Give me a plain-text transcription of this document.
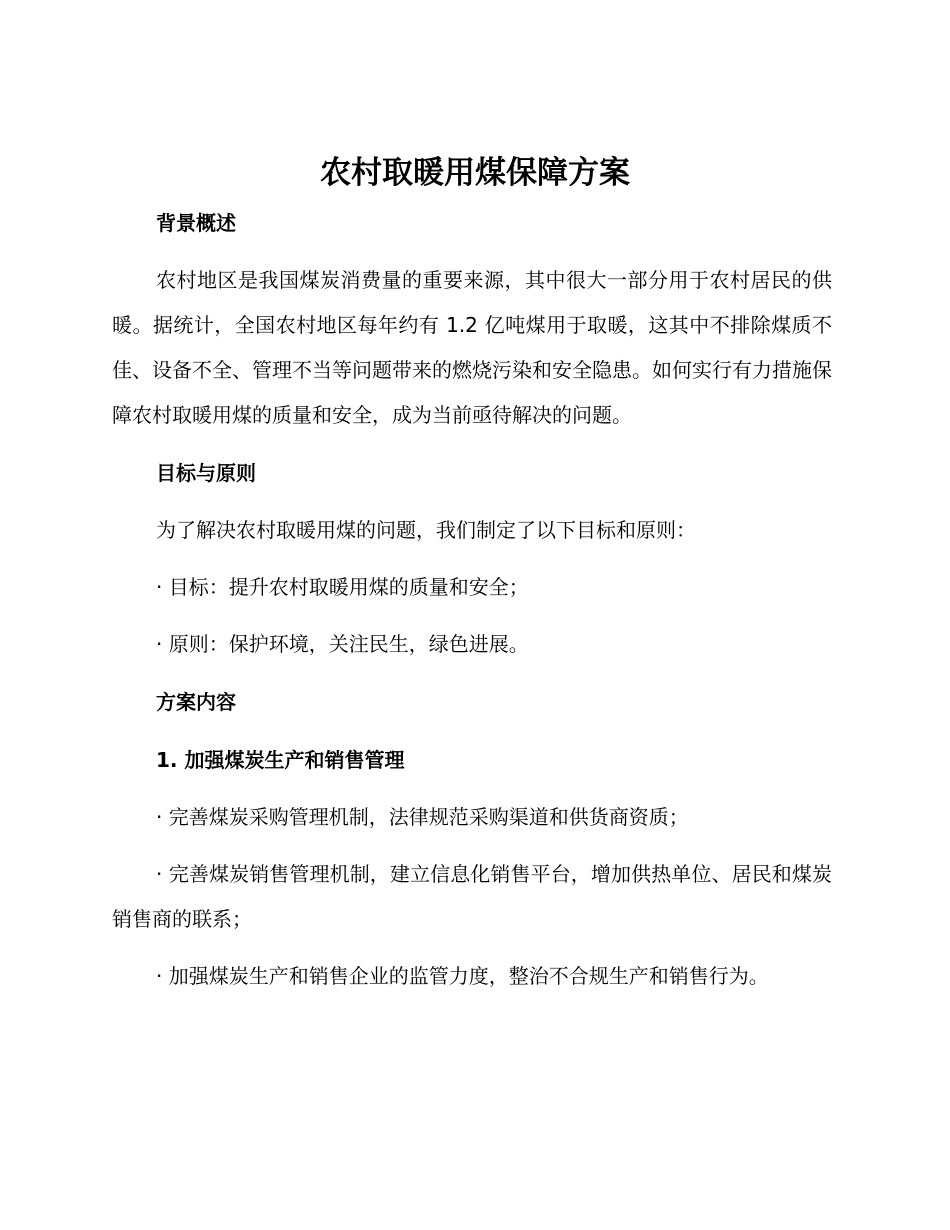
农村取暖用煤保障方案
背景概述

农村地区是我国煤炭消费量的重要来源，其中很大一部分用于农村居民的供暖。据统计，全国农村地区每年约有 1.2 亿吨煤用于取暖，这其中不排除煤质不佳、设备不全、管理不当等问题带来的燃烧污染和安全隐患。如何实行有力措施保障农村取暖用煤的质量和安全，成为当前亟待解决的问题。

目标与原则

为了解决农村取暖用煤的问题，我们制定了以下目标和原则：

· 目标：提升农村取暖用煤的质量和安全；

· 原则：保护环境，关注民生，绿色进展。

方案内容
1. 加强煤炭生产和销售管理

· 完善煤炭采购管理机制，法律规范采购渠道和供货商资质；

· 完善煤炭销售管理机制，建立信息化销售平台，增加供热单位、居民和煤炭销售商的联系；

· 加强煤炭生产和销售企业的监管力度，整治不合规生产和销售行为。
